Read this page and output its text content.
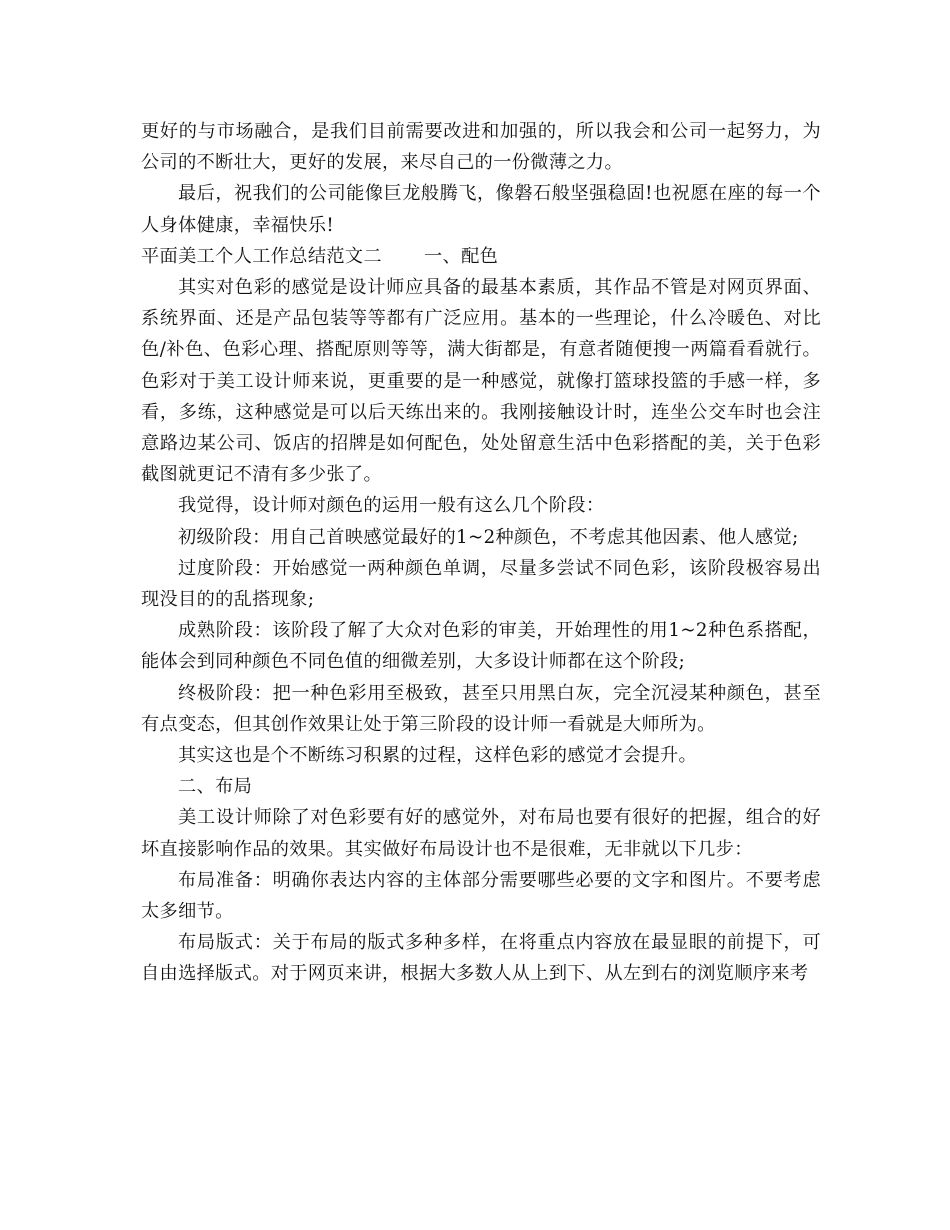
更好的与市场融合，是我们目前需要改进和加强的，所以我会和公司一起努力，为公司的不断壮大，更好的发展，来尽自己的一份微薄之力。

最后，祝我们的公司能像巨龙般腾飞，像磐石般坚强稳固!也祝愿在座的每一个人身体健康，幸福快乐!

平面美工个人工作总结范文二 一、配色

其实对色彩的感觉是设计师应具备的最基本素质，其作品不管是对网页界面、系统界面、还是产品包装等等都有广泛应用。基本的一些理论，什么冷暖色、对比色/补色、色彩心理、搭配原则等等，满大街都是，有意者随便搜一两篇看看就行。色彩对于美工设计师来说，更重要的是一种感觉，就像打篮球投篮的手感一样，多看，多练，这种感觉是可以后天练出来的。我刚接触设计时，连坐公交车时也会注意路边某公司、饭店的招牌是如何配色，处处留意生活中色彩搭配的美，关于色彩截图就更记不清有多少张了。

我觉得，设计师对颜色的运用一般有这么几个阶段：

初级阶段：用自己首映感觉最好的1~2种颜色，不考虑其他因素、他人感觉;

过度阶段：开始感觉一两种颜色单调，尽量多尝试不同色彩，该阶段极容易出现没目的的乱搭现象;

成熟阶段：该阶段了解了大众对色彩的审美，开始理性的用1~2种色系搭配，能体会到同种颜色不同色值的细微差别，大多设计师都在这个阶段;

终极阶段：把一种色彩用至极致，甚至只用黑白灰，完全沉浸某种颜色，甚至有点变态，但其创作效果让处于第三阶段的设计师一看就是大师所为。

其实这也是个不断练习积累的过程，这样色彩的感觉才会提升。

二、布局

美工设计师除了对色彩要有好的感觉外，对布局也要有很好的把握，组合的好坏直接影响作品的效果。其实做好布局设计也不是很难，无非就以下几步：

布局准备：明确你表达内容的主体部分需要哪些必要的文字和图片。不要考虑太多细节。

布局版式：关于布局的版式多种多样，在将重点内容放在最显眼的前提下，可自由选择版式。对于网页来讲，根据大多数人从上到下、从左到右的浏览顺序来考
